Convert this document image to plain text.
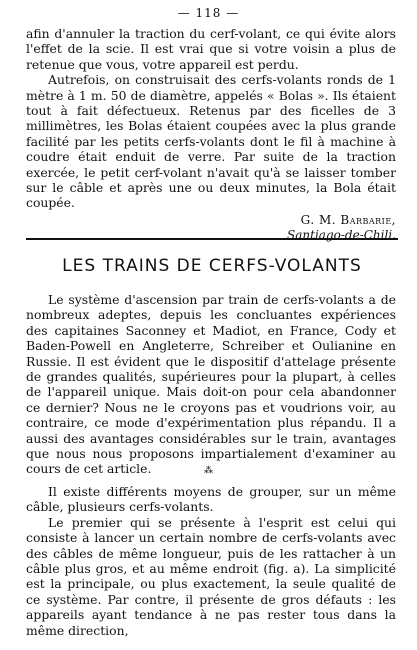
— 118 —

afin d'annuler la traction du cerf-volant, ce qui évite alors l'effet de la scie. Il est vrai que si votre voisin a plus de retenue que vous, votre appareil est perdu.

Autrefois, on construisait des cerfs-volants ronds de 1 mètre à 1 m. 50 de diamètre, appelés « Bolas ». Ils étaient tout à fait défectueux. Retenus par des ficelles de 3 millimètres, les Bolas étaient coupées avec la plus grande facilité par les petits cerfs-volants dont le fil à machine à coudre était enduit de verre. Par suite de la traction exercée, le petit cerf-volant n'avait qu'à se laisser tomber sur le câble et après une ou deux minutes, la Bola était coupée.

G. M. Barbarie,
Santiago-de-Chili.
LES TRAINS DE CERFS-VOLANTS

Le système d'ascension par train de cerfs-volants a de nombreux adeptes, depuis les concluantes expériences des capitaines Saconney et Madiot, en France, Cody et Baden-Powell en Angleterre, Schreiber et Oulianine en Russie. Il est évident que le dispositif d'attelage présente de grandes qualités, supérieures pour la plupart, à celles de l'appareil unique. Mais doit-on pour cela abandonner ce dernier? Nous ne le croyons pas et voudrions voir, au contraire, ce mode d'expérimentation plus répandu. Il a aussi des avantages considérables sur le train, avantages que nous nous proposons impartialement d'examiner au cours de cet article.	⁂

Il existe différents moyens de grouper, sur un même câble, plusieurs cerfs-volants.

Le premier qui se présente à l'esprit est celui qui consiste à lancer un certain nombre de cerfs-volants avec des câbles de même longueur, puis de les rattacher à un câble plus gros, et au même endroit (fig. a). La simplicité est la principale, ou plus exactement, la seule qualité de ce système. Par contre, il présente de gros défauts : les appareils ayant tendance à ne pas rester tous dans la même direction,
